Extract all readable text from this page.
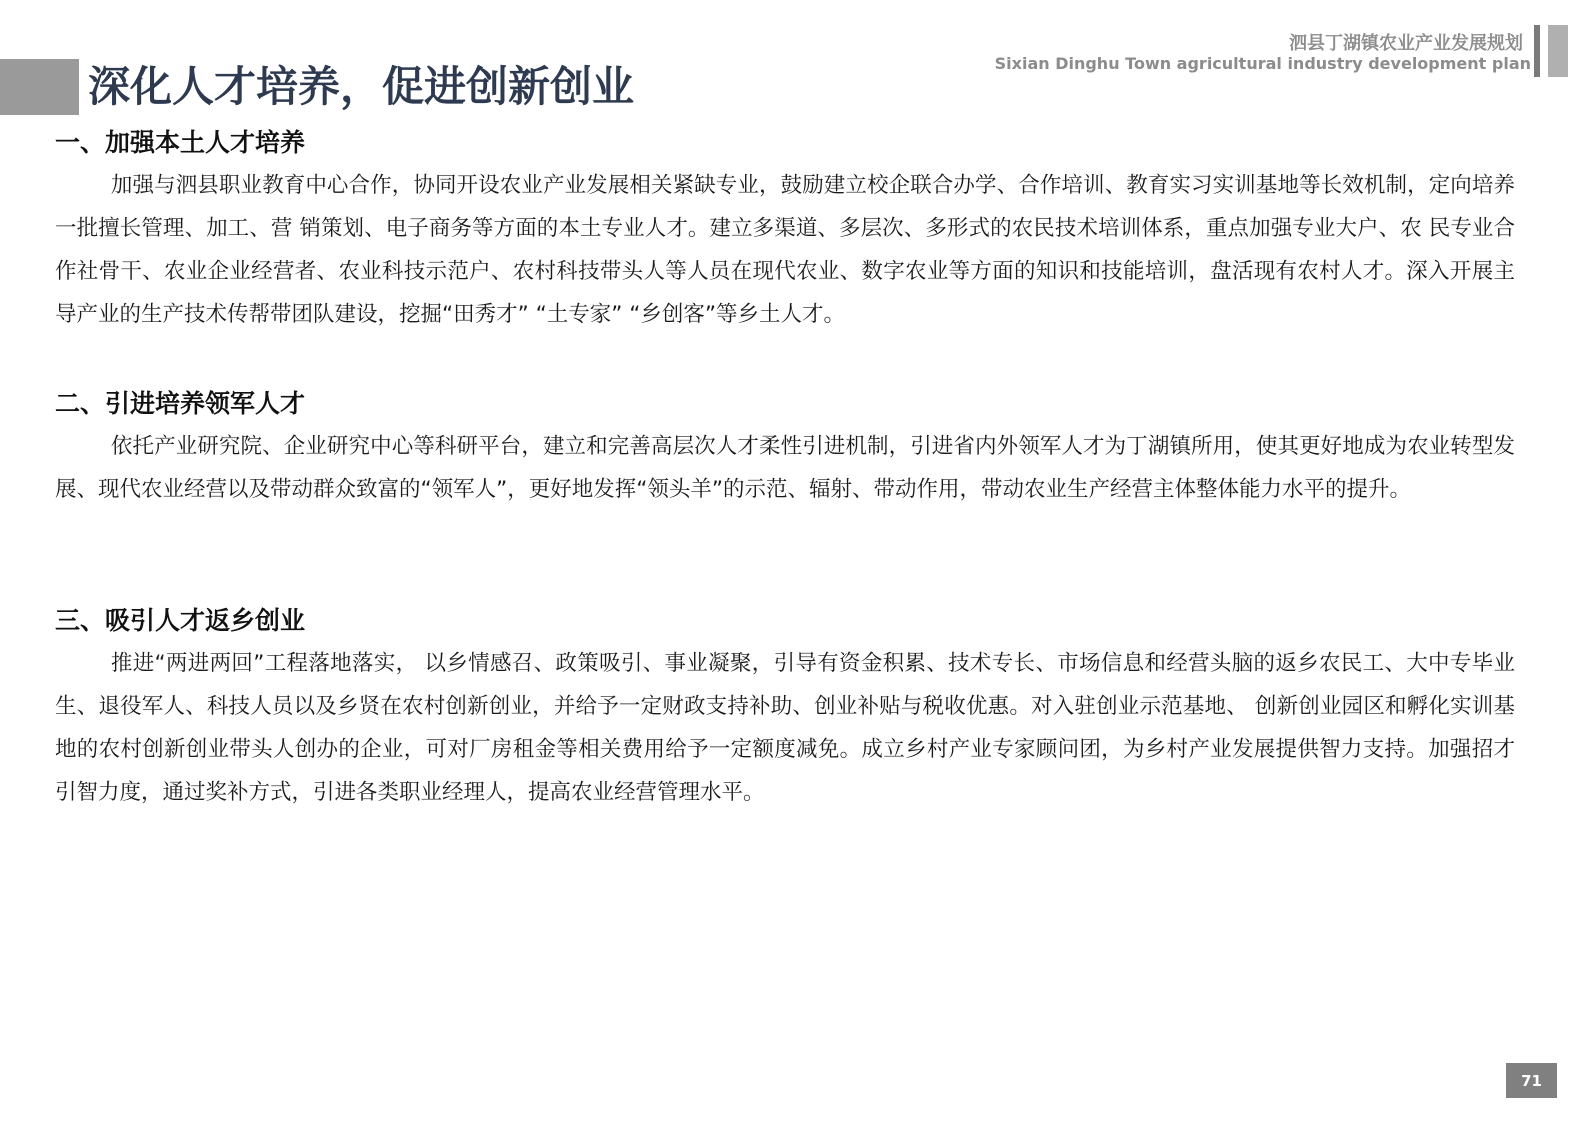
深化人才培养，促进创新创业
泗县丁湖镇农业产业发展规划
Sixian Dinghu Town agricultural industry development plan
一、加强本土人才培养

加强与泗县职业教育中心合作，协同开设农业产业发展相关紧缺专业，鼓励建立校企联合办学、合作培训、教育实习实训基地等长效机制，定向培养一批擅长管理、加工、营 销策划、电子商务等方面的本土专业人才。建立多渠道、多层次、多形式的农民技术培训体系，重点加强专业大户、农 民专业合作社骨干、农业企业经营者、农业科技示范户、农村科技带头人等人员在现代农业、数字农业等方面的知识和技能培训，盘活现有农村人才。深入开展主导产业的生产技术传帮带团队建设，挖掘“田秀才” “土专家” “乡创客”等乡土人才。

二、引进培养领军人才

依托产业研究院、企业研究中心等科研平台，建立和完善高层次人才柔性引进机制，引进省内外领军人才为丁湖镇所用，使其更好地成为农业转型发展、现代农业经营以及带动群众致富的“领军人”，更好地发挥“领头羊”的示范、辐射、带动作用，带动农业生产经营主体整体能力水平的提升。

三、吸引人才返乡创业

推进“两进两回”工程落地落实， 以乡情感召、政策吸引、事业凝聚，引导有资金积累、技术专长、市场信息和经营头脑的返乡农民工、大中专毕业生、退役军人、科技人员以及乡贤在农村创新创业，并给予一定财政支持补助、创业补贴与税收优惠。对入驻创业示范基地、 创新创业园区和孵化实训基地的农村创新创业带头人创办的企业，可对厂房租金等相关费用给予一定额度减免。成立乡村产业专家顾问团，为乡村产业发展提供智力支持。加强招才引智力度，通过奖补方式，引进各类职业经理人，提高农业经营管理水平。

71
